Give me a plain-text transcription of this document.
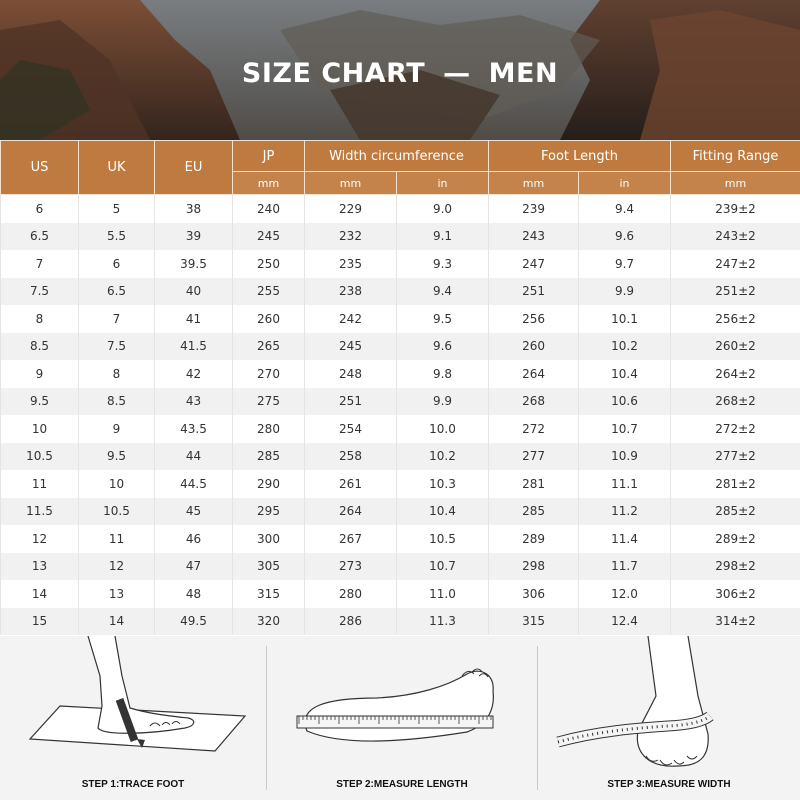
SIZE CHART — MEN
US	UK	EU	JP	Width circumference		Foot Length		Fitting Range
			mm	mm	in	mm	in	mm
6	5	38	240	229	9.0	239	9.4	239±2
6.5	5.5	39	245	232	9.1	243	9.6	243±2
7	6	39.5	250	235	9.3	247	9.7	247±2
7.5	6.5	40	255	238	9.4	251	9.9	251±2
8	7	41	260	242	9.5	256	10.1	256±2
8.5	7.5	41.5	265	245	9.6	260	10.2	260±2
9	8	42	270	248	9.8	264	10.4	264±2
9.5	8.5	43	275	251	9.9	268	10.6	268±2
10	9	43.5	280	254	10.0	272	10.7	272±2
10.5	9.5	44	285	258	10.2	277	10.9	277±2
11	10	44.5	290	261	10.3	281	11.1	281±2
11.5	10.5	45	295	264	10.4	285	11.2	285±2
12	11	46	300	267	10.5	289	11.4	289±2
13	12	47	305	273	10.7	298	11.7	298±2
14	13	48	315	280	11.0	306	12.0	306±2
15	14	49.5	320	286	11.3	315	12.4	314±2
STEP 1:TRACE FOOT	STEP 2:MEASURE LENGTH	STEP 3:MEASURE WIDTH
